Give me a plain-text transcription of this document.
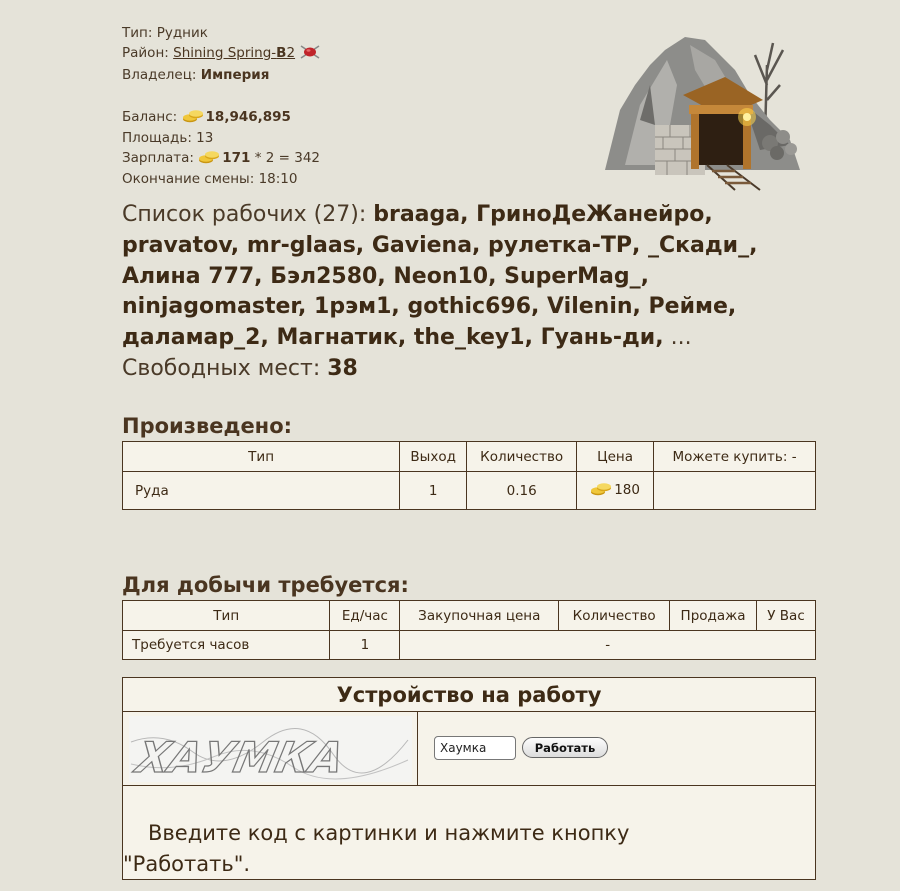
Тип: Рудник
Район: Shining Spring-B2
Владелец: Империя
Баланс: 18,946,895
Площадь: 13
Зарплата: 171 * 2 = 342
Окончание смены: 18:10
Список рабочих (27): braaga, ГриноДеЖанейро, pravatov, mr-glaas, Gaviena, рулетка-ТР, _Скади_, Алина 777, Бэл2580, Neon10, SuperMag_, ninjagomaster, 1рэм1, gothic696, Vilenin, Рейме, даламар_2, Магнатик, the_key1, Гуань-ди, ...
Свободных мест: 38
Произведено:
Тип	Выход	Количество	Цена	Можете купить: -
Руда	1	0.16	180	
Для добычи требуется:
Тип	Ед/час	Закупочная цена	Количество	Продажа	У Вас
Требуется часов	1	-			
Устройство на работу
ХАУМКА
Хаумка	Работать
Введите код с картинки и нажмите кнопку
"Работать".
